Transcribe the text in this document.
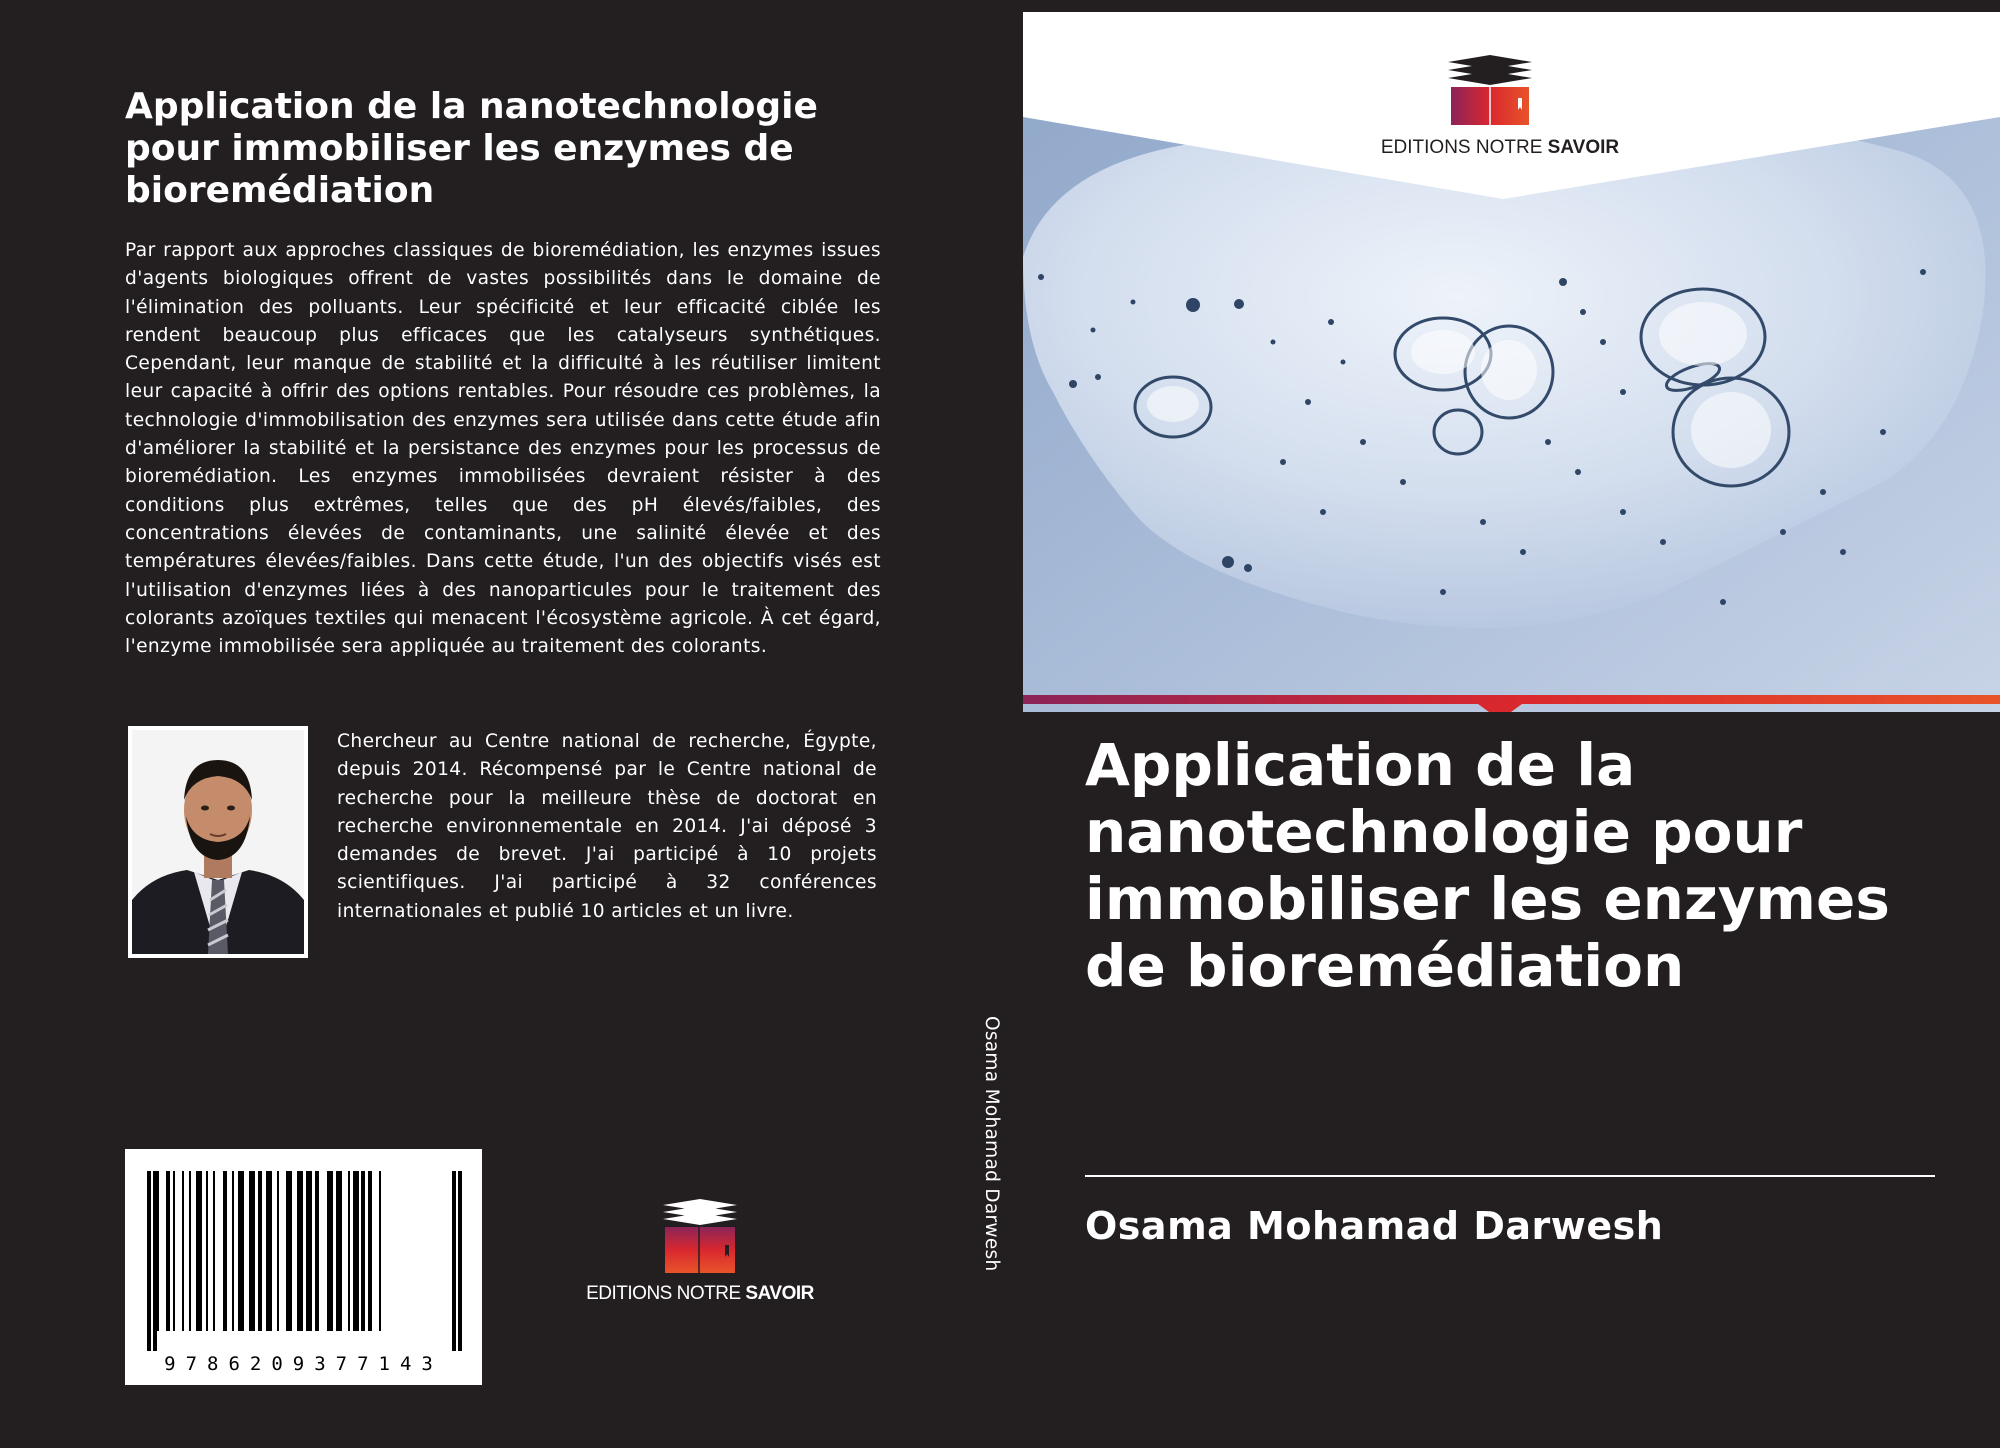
Application de la nanotechnologie pour immobiliser les enzymes de bioremédiation

Par rapport aux approches classiques de bioremédiation, les enzymes issues d'agents biologiques offrent de vastes possibilités dans le domaine de l'élimination des polluants. Leur spécificité et leur efficacité ciblée les rendent beaucoup plus efficaces que les catalyseurs synthétiques. Cependant, leur manque de stabilité et la difficulté à les réutiliser limitent leur capacité à offrir des options rentables. Pour résoudre ces problèmes, la technologie d'immobilisation des enzymes sera utilisée dans cette étude afin d'améliorer la stabilité et la persistance des enzymes pour les processus de bioremédiation. Les enzymes immobilisées devraient résister à des conditions plus extrêmes, telles que des pH élevés/faibles, des concentrations élevées de contaminants, une salinité élevée et des températures élevées/faibles. Dans cette étude, l'un des objectifs visés est l'utilisation d'enzymes liées à des nanoparticules pour le traitement des colorants azoïques textiles qui menacent l'écosystème agricole. À cet égard, l'enzyme immobilisée sera appliquée au traitement des colorants.

Chercheur au Centre national de recherche, Égypte, depuis 2014. Récompensé par le Centre national de recherche pour la meilleure thèse de doctorat en recherche environnementale en 2014. J'ai déposé 3 demandes de brevet. J'ai participé à 10 projets scientifiques. J'ai participé à 32 conférences internationales et publié 10 articles et un livre.

9786209377143
EDITIONS NOTRE SAVOIR
Osama Mohamad Darwesh
EDITIONS NOTRE SAVOIR
Application de la nanotechnologie pour immobiliser les enzymes de bioremédiation
Osama Mohamad Darwesh
